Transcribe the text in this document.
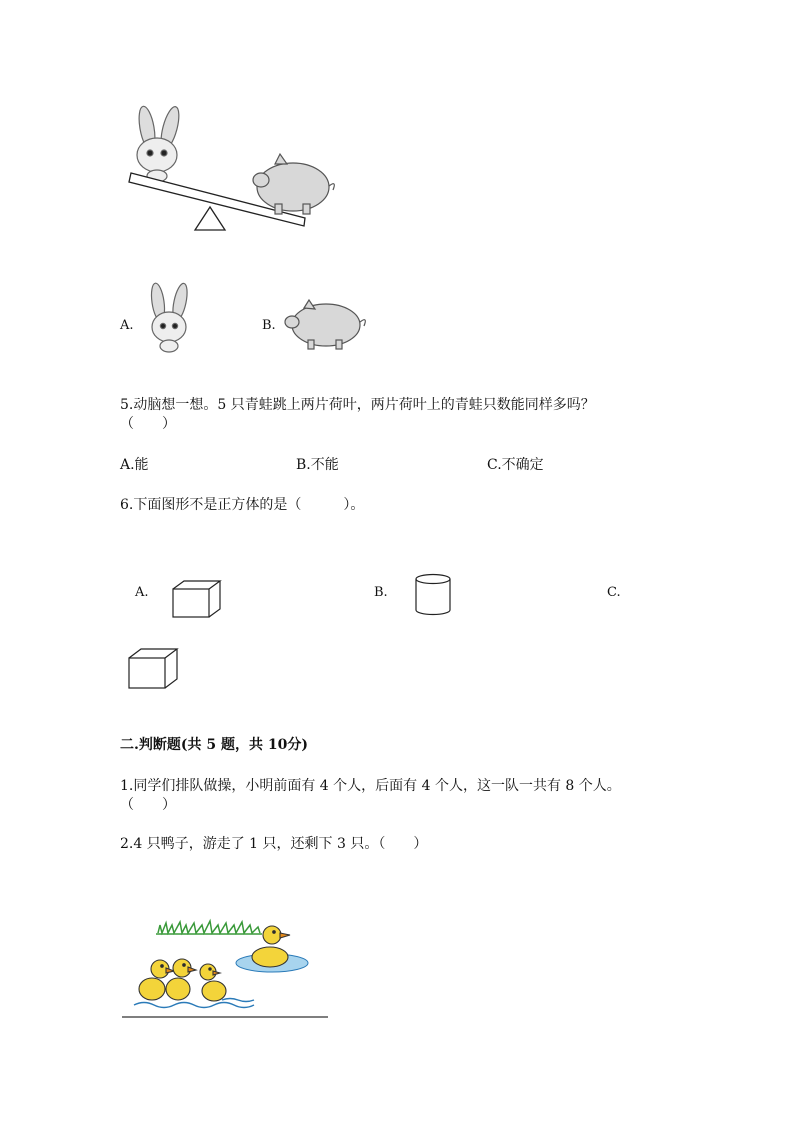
A.	B.
5.动脑想一想。5 只青蛙跳上两片荷叶，两片荷叶上的青蛙只数能同样多吗？
（　　）
A.能	B.不能	C.不确定
6.下面图形不是正方体的是（　　　）。
A.	B.	C.
二.判断题(共 5 题，共 10分)
1.同学们排队做操，小明前面有 4 个人，后面有 4 个人，这一队一共有 8 个人。
（　　）
2.4 只鸭子，游走了 1 只，还剩下 3 只。（　　）
